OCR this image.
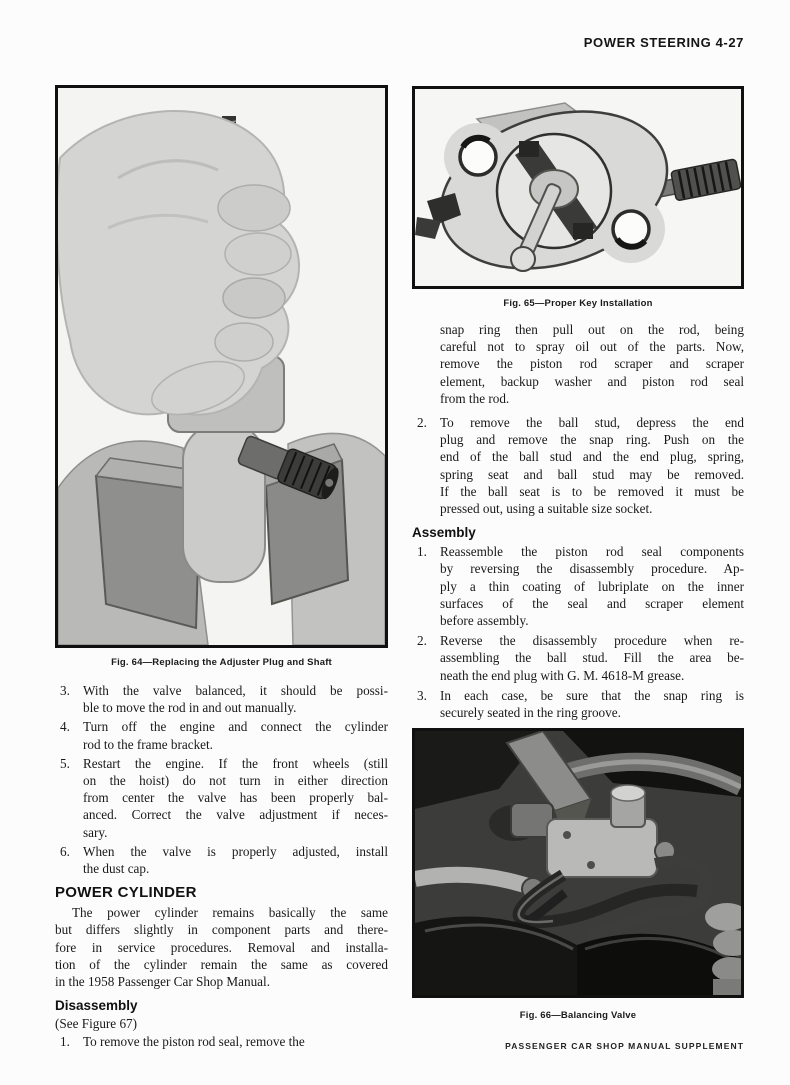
Fig. 64—Replacing the Adjuster Plug and Shaft
3. With the valve balanced, it should be possi-
ble to move the rod in and out manually.
4. Turn off the engine and connect the cylinder
rod to the frame bracket.
5. Restart the engine. If the front wheels (still
on the hoist) do not turn in either direction
from center the valve has been properly bal-
anced. Correct the valve adjustment if neces-
sary.
6. When the valve is properly adjusted, install
the dust cap.
POWER CYLINDER
The power cylinder remains basically the same
but differs slightly in component parts and there-
fore in service procedures. Removal and installa-
tion of the cylinder remain the same as covered
in the 1958 Passenger Car Shop Manual.
Disassembly
(See Figure 67)
1. To remove the piston rod seal, remove the
POWER STEERING 4-27
Fig. 65—Proper Key Installation
snap ring then pull out on the rod, being
careful not to spray oil out of the parts. Now,
remove the piston rod scraper and scraper
element, backup washer and piston rod seal
from the rod.
2. To remove the ball stud, depress the end
plug and remove the snap ring. Push on the
end of the ball stud and the end plug, spring,
spring seat and ball stud may be removed.
If the ball seat is to be removed it must be
pressed out, using a suitable size socket.
Assembly
1. Reassemble the piston rod seal components
by reversing the disassembly procedure. Ap-
ply a thin coating of lubriplate on the inner
surfaces of the seal and scraper element
before assembly.
2. Reverse the disassembly procedure when re-
assembling the ball stud. Fill the area be-
neath the end plug with G. M. 4618-M grease.
3. In each case, be sure that the snap ring is
securely seated in the ring groove.
Fig. 66—Balancing Valve
PASSENGER CAR SHOP MANUAL SUPPLEMENT
